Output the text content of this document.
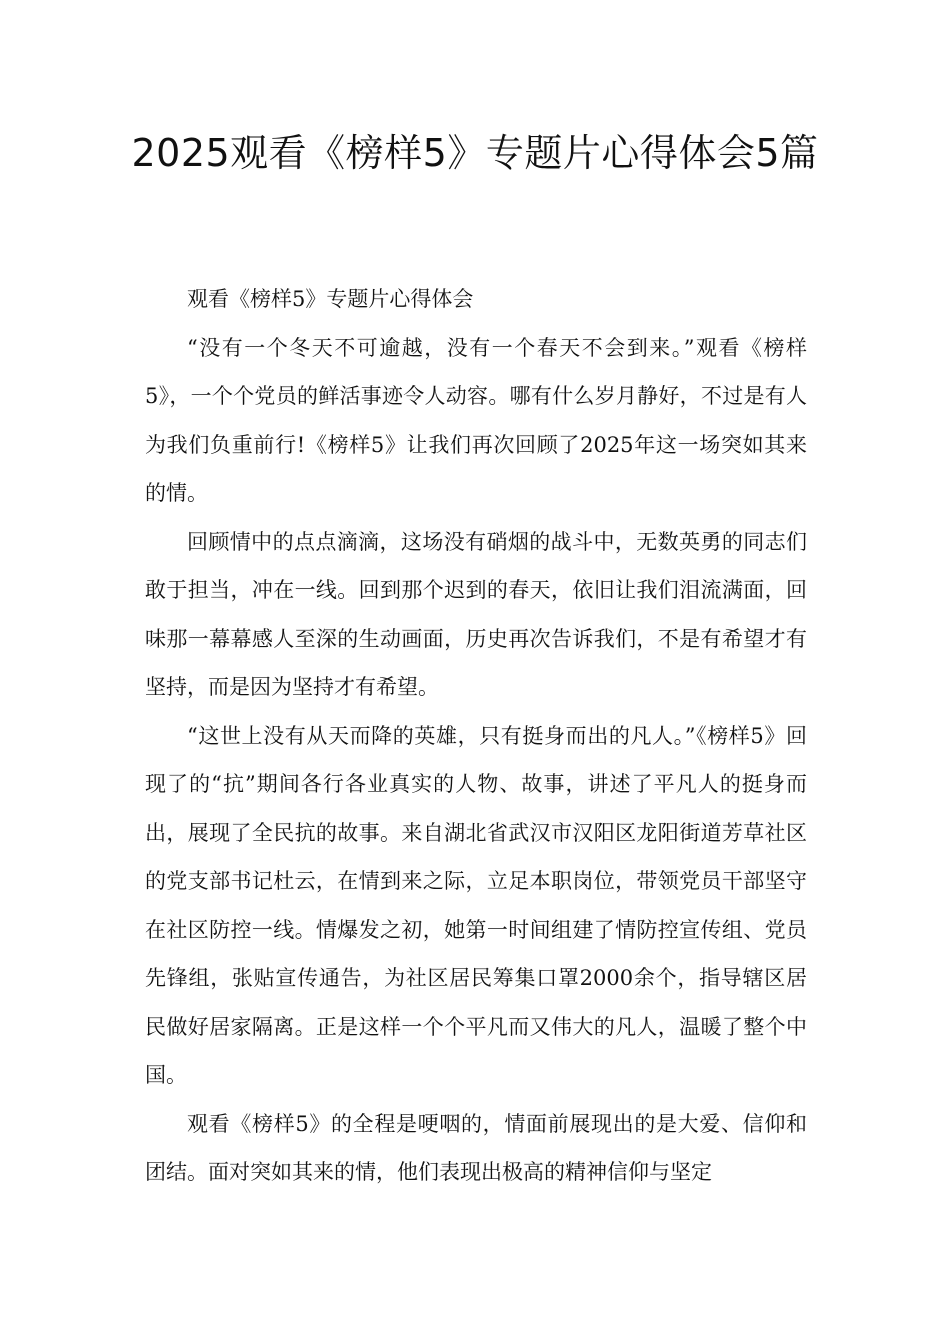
2025观看《榜样5》专题片心得体会5篇

观看《榜样5》专题片心得体会

“没有一个冬天不可逾越，没有一个春天不会到来。”观看《榜样5》，一个个党员的鲜活事迹令人动容。哪有什么岁月静好，不过是有人为我们负重前行!《榜样5》让我们再次回顾了2025年这一场突如其来的情。

回顾情中的点点滴滴，这场没有硝烟的战斗中，无数英勇的同志们敢于担当，冲在一线。回到那个迟到的春天，依旧让我们泪流满面，回味那一幕幕感人至深的生动画面，历史再次告诉我们，不是有希望才有坚持，而是因为坚持才有希望。

“这世上没有从天而降的英雄，只有挺身而出的凡人。”《榜样5》回现了的“抗”期间各行各业真实的人物、故事，讲述了平凡人的挺身而出，展现了全民抗的故事。来自湖北省武汉市汉阳区龙阳街道芳草社区的党支部书记杜云，在情到来之际，立足本职岗位，带领党员干部坚守在社区防控一线。情爆发之初，她第一时间组建了情防控宣传组、党员先锋组，张贴宣传通告，为社区居民筹集口罩2000余个，指导辖区居民做好居家隔离。正是这样一个个平凡而又伟大的凡人，温暖了整个中国。

观看《榜样5》的全程是哽咽的，情面前展现出的是大爱、信仰和团结。面对突如其来的情，他们表现出极高的精神信仰与坚定
